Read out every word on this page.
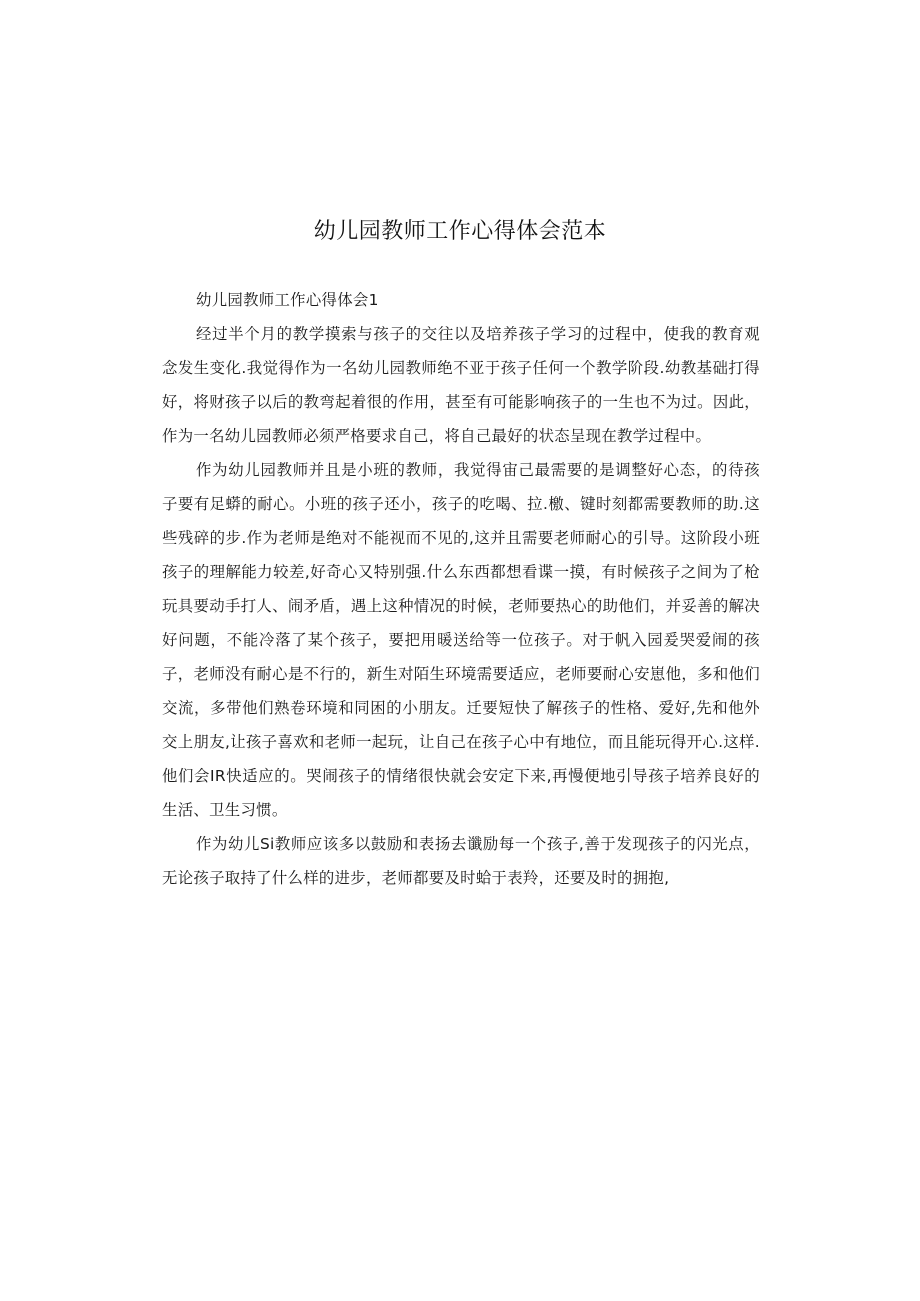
幼儿园教师工作心得体会范本

幼儿园教师工作心得体会1

经过半个月的教学摸索与孩子的交往以及培养孩子学习的过程中，使我的教育观念发生变化.我觉得作为一名幼儿园教师绝不亚于孩子任何一个教学阶段.幼教基础打得好，将财孩子以后的教弯起着很的作用，甚至有可能影响孩子的一生也不为过。因此，作为一名幼儿园教师必须严格要求自己，将自己最好的状态呈现在教学过程中。

作为幼儿园教师并且是小班的教师，我觉得宙己最需要的是调整好心态，的待孩子要有足蟒的耐心。小班的孩子还小，孩子的吃喝、拉.檄、键时刻都需要教师的助.这些残碎的步.作为老师是绝对不能视而不见的,这并且需要老师耐心的引导。这阶段小班孩子的理解能力较差,好奇心又特别强.什么东西都想看谍一摸，有时候孩子之间为了枪玩具要动手打人、闹矛盾，遇上这种情况的时候，老师要热心的助他们，并妥善的解决好问题，不能冷落了某个孩子，要把用暖送给等一位孩子。对于帆入园爰哭爱闹的孩子，老师没有耐心是不行的，新生对陌生环境需要适应，老师要耐心安崽他，多和他们交流，多带他们熟卷环境和同困的小朋友。迁要短快了解孩子的性格、爱好,先和他外交上朋友,让孩子喜欢和老师一起玩，让自己在孩子心中有地位，而且能玩得开心.这样.他们会IR快适应的。哭闹孩子的情绪很快就会安定下来,再慢便地引导孩子培养良好的生活、卫生习惯。

作为幼儿Si教师应该多以鼓励和表扬去谶励每一个孩子,善于发现孩子的闪光点，无论孩子取持了什么样的进步，老师都要及时蛤于表羚，还要及时的拥抱,
